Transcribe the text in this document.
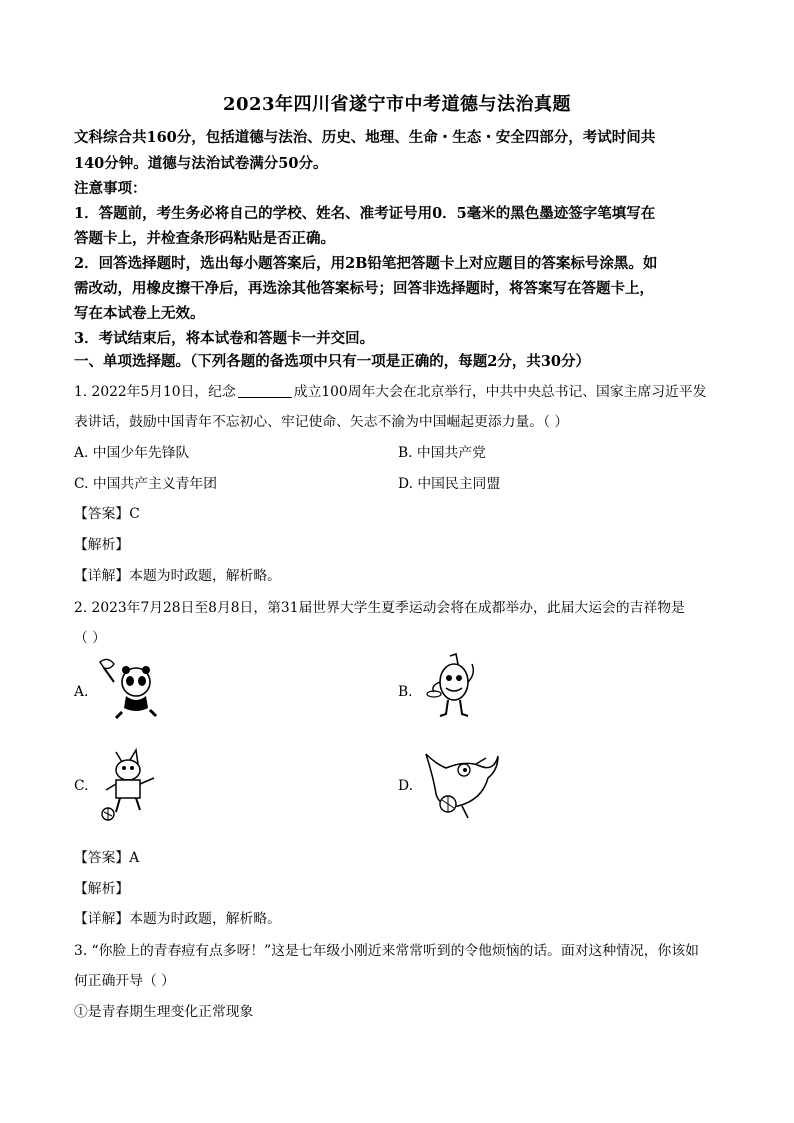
2023年四川省遂宁市中考道德与法治真题
文科综合共160分，包括道德与法治、历史、地理、生命・生态・安全四部分，考试时间共
140分钟。道德与法治试卷满分50分。
注意事项：
1．答题前，考生务必将自己的学校、姓名、准考证号用0．5毫米的黑色墨迹签字笔填写在
答题卡上，并检查条形码粘贴是否正确。
2．回答选择题时，选出每小题答案后，用2B铅笔把答题卡上对应题目的答案标号涂黑。如
需改动，用橡皮擦干净后，再选涂其他答案标号；回答非选择题时，将答案写在答题卡上，
写在本试卷上无效。
3．考试结束后，将本试卷和答题卡一并交回。
一、单项选择题。（下列各题的备选项中只有一项是正确的，每题2分，共30分）
1. 2022年5月10日，纪念	成立100周年大会在北京举行，中共中央总书记、国家主席习近平发
表讲话，鼓励中国青年不忘初心、牢记使命、矢志不渝为中国崛起更添力量。（ ）
A. 中国少年先锋队	B. 中国共产党
C. 中国共产主义青年团	D. 中国民主同盟
【答案】C
【解析】
【详解】本题为时政题，解析略。
2. 2023年7月28日至8月8日，第31届世界大学生夏季运动会将在成都举办，此届大运会的吉祥物是
（ ）
A.	B.
C.	D.
【答案】A
【解析】
【详解】本题为时政题，解析略。
3. “你脸上的青春痘有点多呀！”这是七年级小刚近来常常听到的令他烦恼的话。面对这种情况，你该如
何正确开导（ ）
①是青春期生理变化正常现象
